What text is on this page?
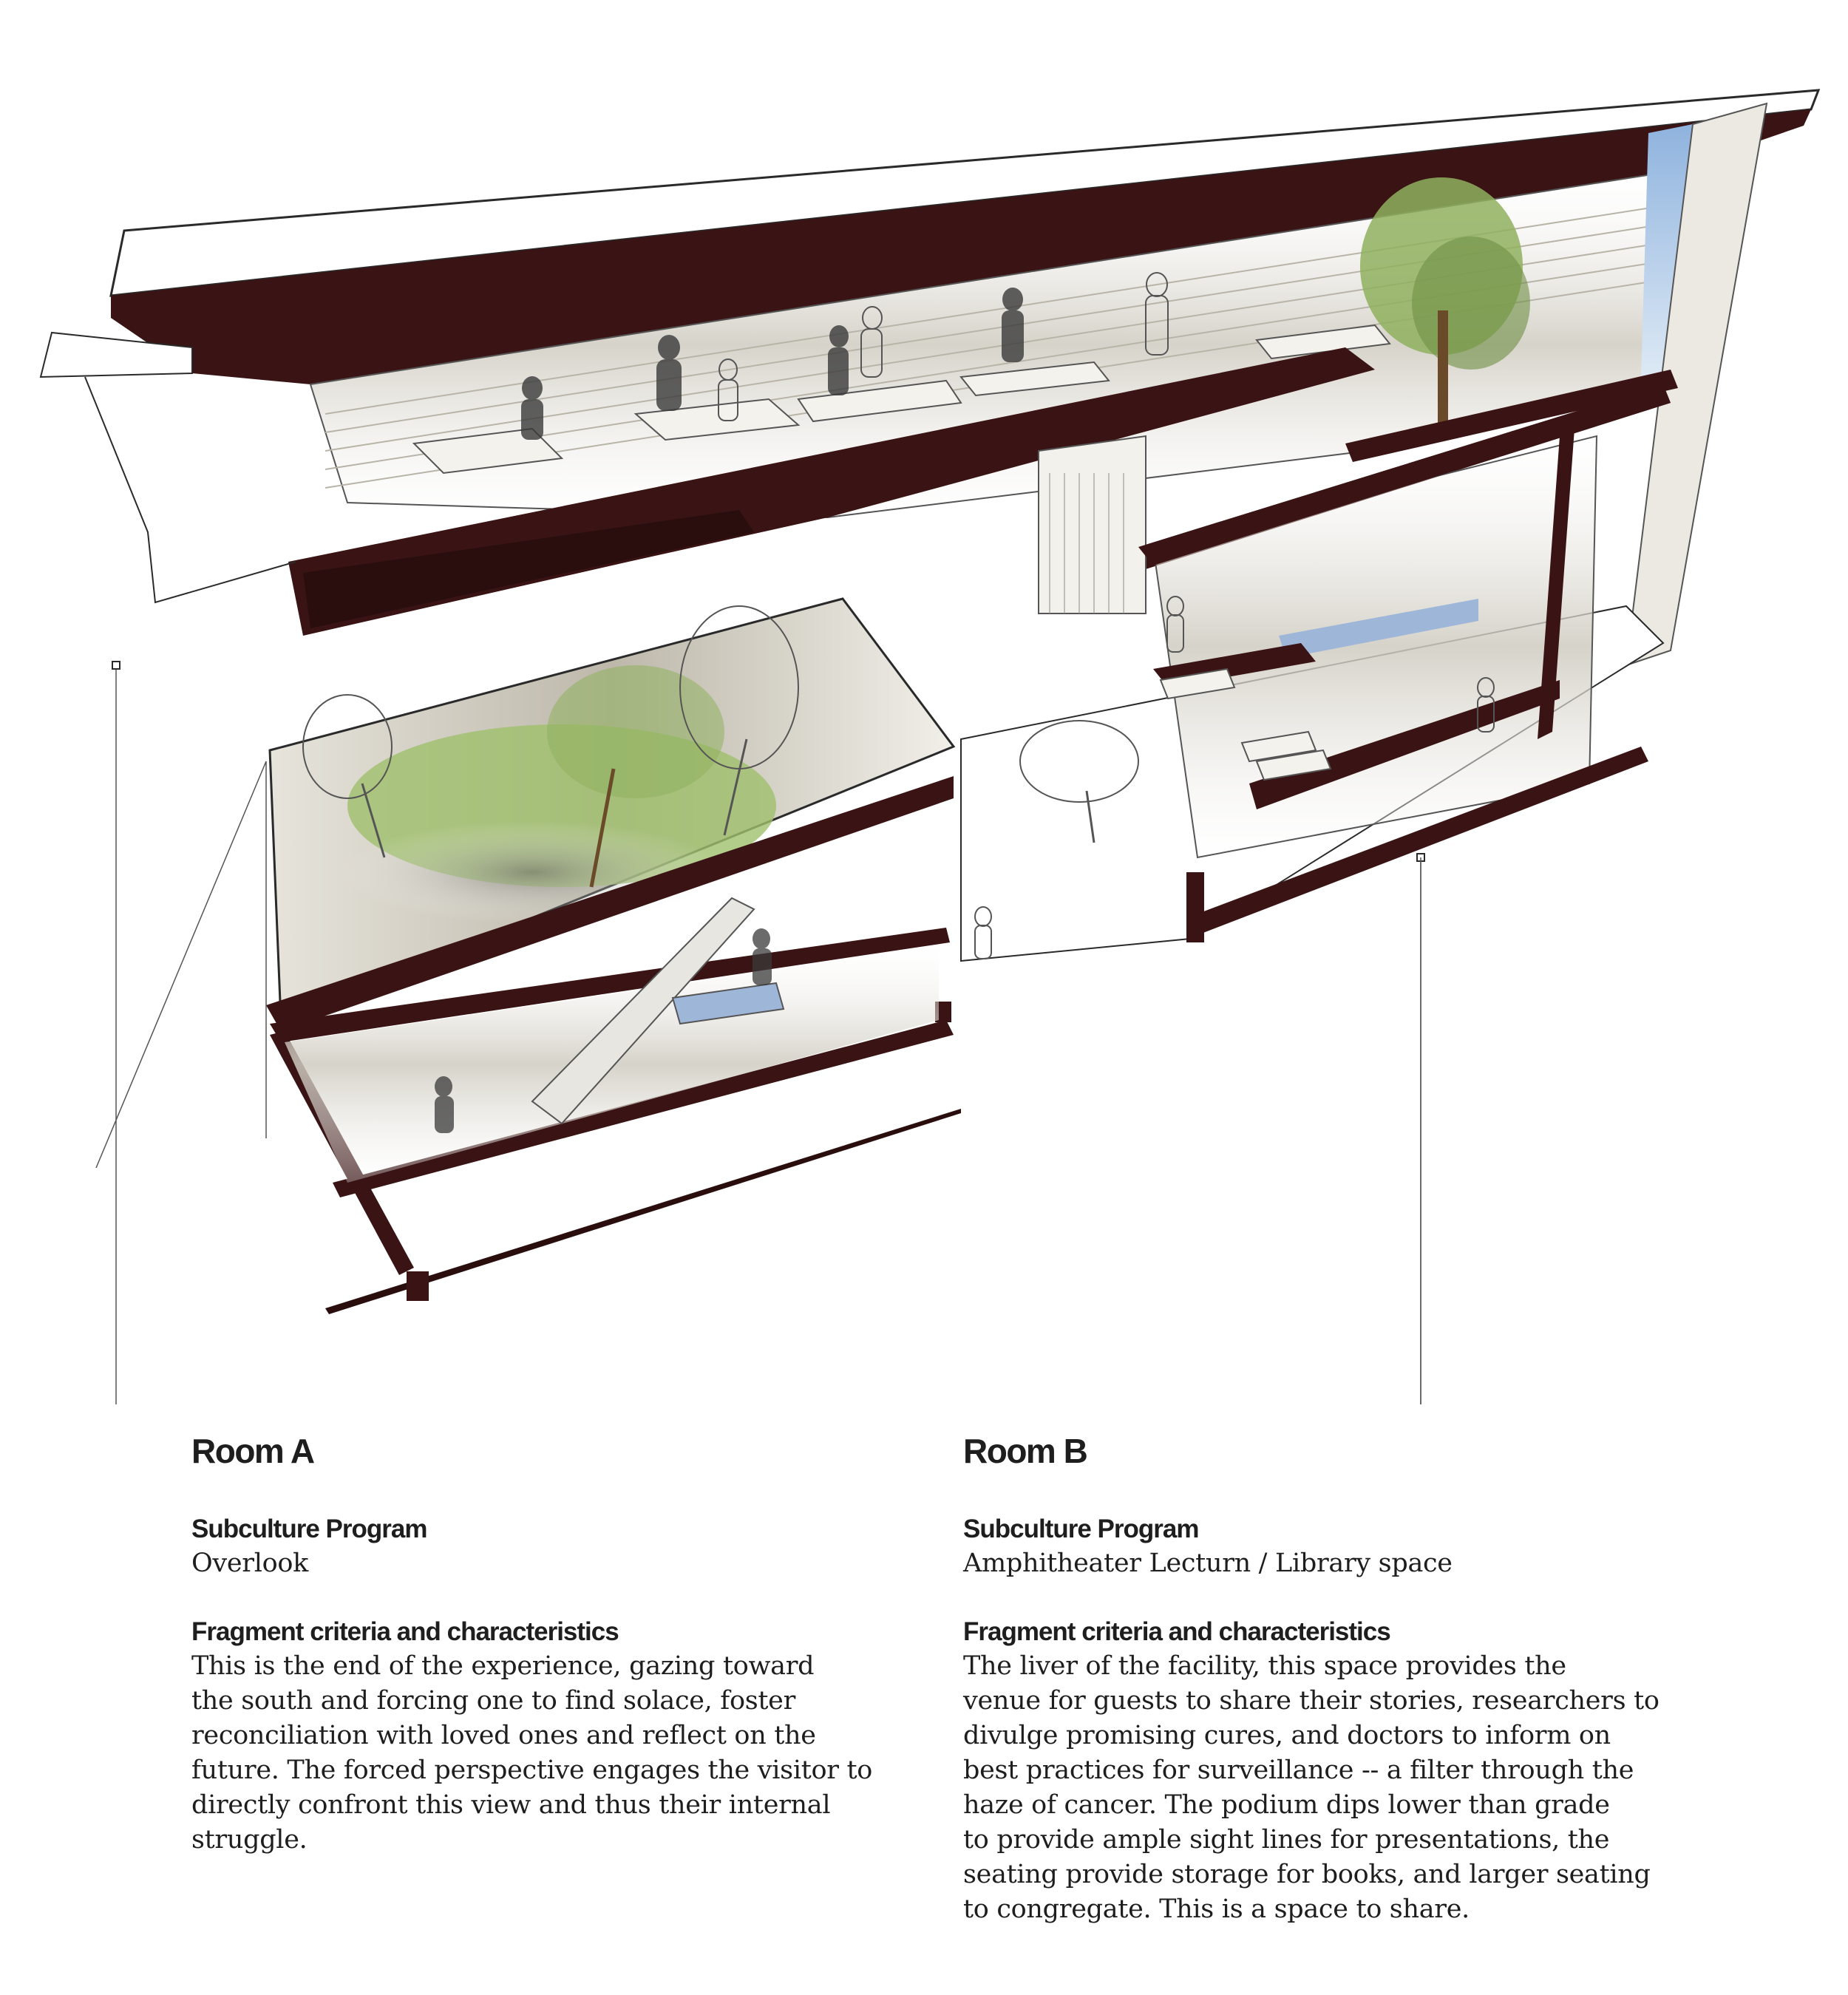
Room A

Subculture Program

Overlook

Fragment criteria and characteristics

This is the end of the experience, gazing toward
the south and forcing one to find solace, foster
reconciliation with loved ones and reflect on the
future. The forced perspective engages the visitor to
directly confront this view and thus their internal
struggle.

Room B

Subculture Program

Amphitheater Lecturn / Library space

Fragment criteria and characteristics

The liver of the facility, this space provides the
venue for guests to share their stories, researchers to
divulge promising cures, and doctors to inform on
best practices for surveillance -- a filter through the
haze of cancer. The podium dips lower than grade
to provide ample sight lines for presentations, the
seating provide storage for books, and larger seating
to congregate. This is a space to share.
